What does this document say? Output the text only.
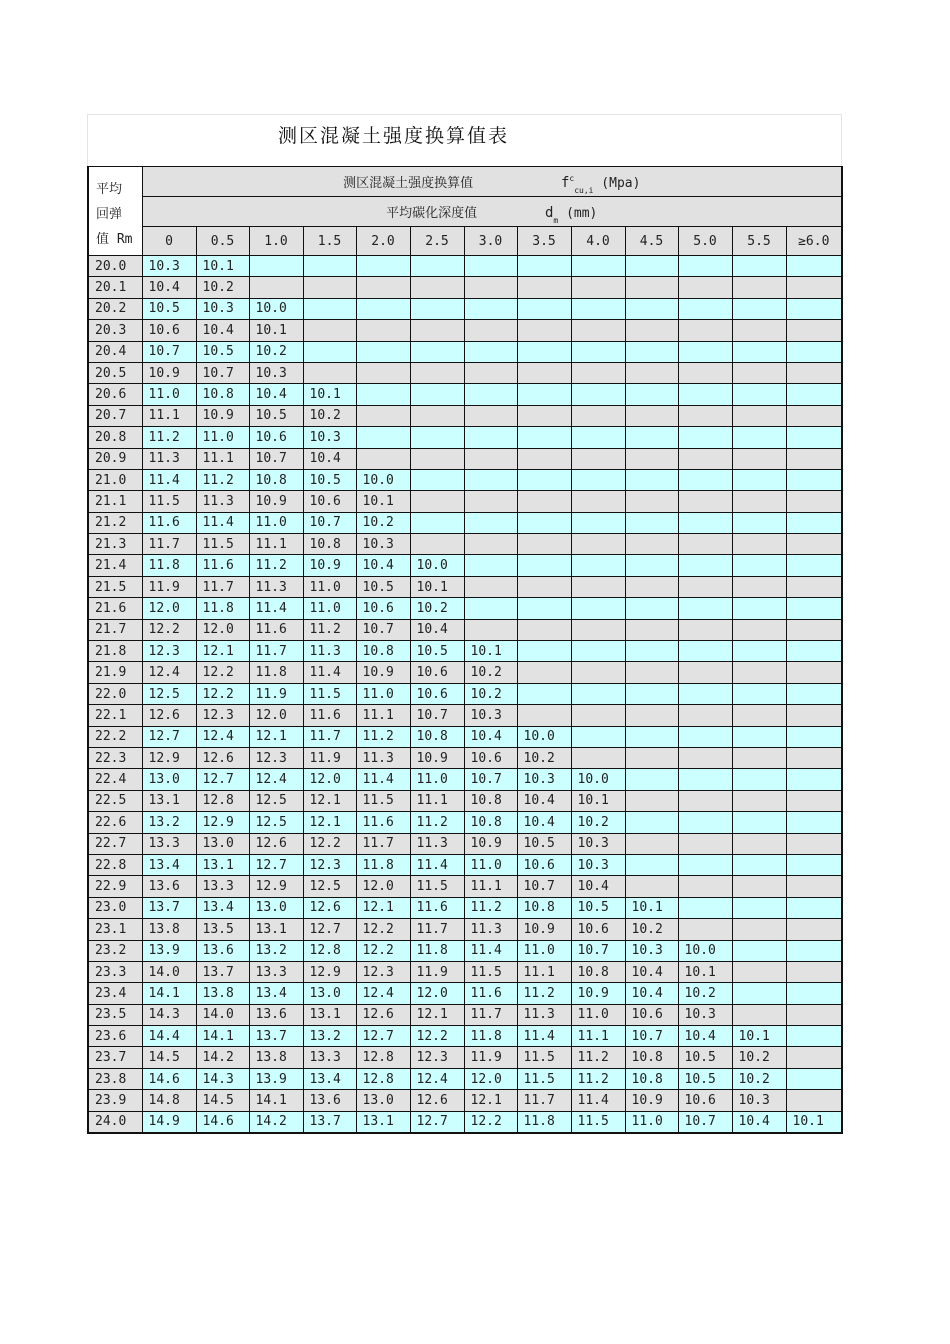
测区混凝土强度换算值表
平均
回弹
值 Rm	测区混凝土强度换算值 $f^c_{cu,i}$ (Mpa)												
	平均碳化深度值 $d_m$ (mm)												
	0	0.5	1.0	1.5	2.0	2.5	3.0	3.5	4.0	4.5	5.0	5.5	≥6.0
20.0	10.3	10.1											
20.1	10.4	10.2											
20.2	10.5	10.3	10.0										
20.3	10.6	10.4	10.1										
20.4	10.7	10.5	10.2										
20.5	10.9	10.7	10.3										
20.6	11.0	10.8	10.4	10.1									
20.7	11.1	10.9	10.5	10.2									
20.8	11.2	11.0	10.6	10.3									
20.9	11.3	11.1	10.7	10.4									
21.0	11.4	11.2	10.8	10.5	10.0								
21.1	11.5	11.3	10.9	10.6	10.1								
21.2	11.6	11.4	11.0	10.7	10.2								
21.3	11.7	11.5	11.1	10.8	10.3								
21.4	11.8	11.6	11.2	10.9	10.4	10.0							
21.5	11.9	11.7	11.3	11.0	10.5	10.1							
21.6	12.0	11.8	11.4	11.0	10.6	10.2							
21.7	12.2	12.0	11.6	11.2	10.7	10.4							
21.8	12.3	12.1	11.7	11.3	10.8	10.5	10.1						
21.9	12.4	12.2	11.8	11.4	10.9	10.6	10.2						
22.0	12.5	12.2	11.9	11.5	11.0	10.6	10.2						
22.1	12.6	12.3	12.0	11.6	11.1	10.7	10.3						
22.2	12.7	12.4	12.1	11.7	11.2	10.8	10.4	10.0					
22.3	12.9	12.6	12.3	11.9	11.3	10.9	10.6	10.2					
22.4	13.0	12.7	12.4	12.0	11.4	11.0	10.7	10.3	10.0				
22.5	13.1	12.8	12.5	12.1	11.5	11.1	10.8	10.4	10.1				
22.6	13.2	12.9	12.5	12.1	11.6	11.2	10.8	10.4	10.2				
22.7	13.3	13.0	12.6	12.2	11.7	11.3	10.9	10.5	10.3				
22.8	13.4	13.1	12.7	12.3	11.8	11.4	11.0	10.6	10.3				
22.9	13.6	13.3	12.9	12.5	12.0	11.5	11.1	10.7	10.4				
23.0	13.7	13.4	13.0	12.6	12.1	11.6	11.2	10.8	10.5	10.1			
23.1	13.8	13.5	13.1	12.7	12.2	11.7	11.3	10.9	10.6	10.2			
23.2	13.9	13.6	13.2	12.8	12.2	11.8	11.4	11.0	10.7	10.3	10.0		
23.3	14.0	13.7	13.3	12.9	12.3	11.9	11.5	11.1	10.8	10.4	10.1		
23.4	14.1	13.8	13.4	13.0	12.4	12.0	11.6	11.2	10.9	10.4	10.2		
23.5	14.3	14.0	13.6	13.1	12.6	12.1	11.7	11.3	11.0	10.6	10.3		
23.6	14.4	14.1	13.7	13.2	12.7	12.2	11.8	11.4	11.1	10.7	10.4	10.1	
23.7	14.5	14.2	13.8	13.3	12.8	12.3	11.9	11.5	11.2	10.8	10.5	10.2	
23.8	14.6	14.3	13.9	13.4	12.8	12.4	12.0	11.5	11.2	10.8	10.5	10.2	
23.9	14.8	14.5	14.1	13.6	13.0	12.6	12.1	11.7	11.4	10.9	10.6	10.3	
24.0	14.9	14.6	14.2	13.7	13.1	12.7	12.2	11.8	11.5	11.0	10.7	10.4	10.1
